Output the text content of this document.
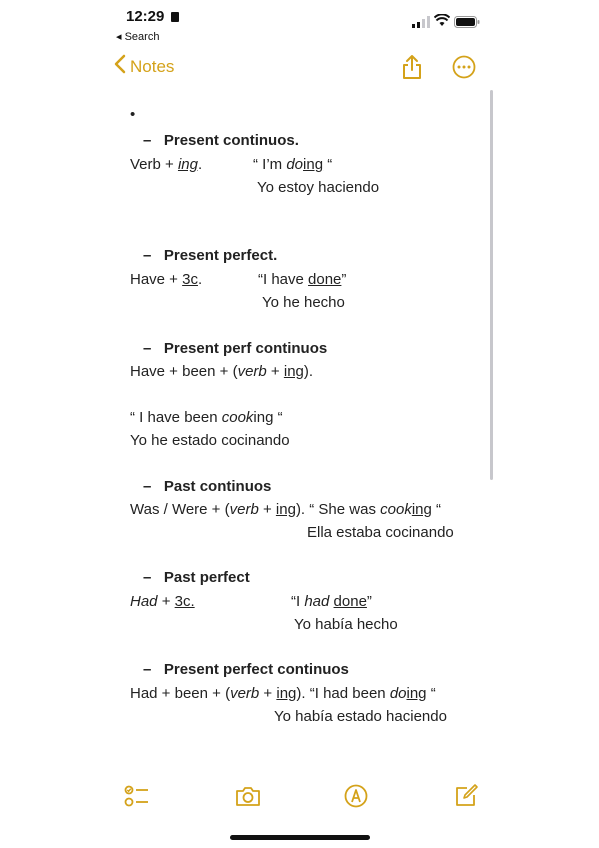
12:29
◂ Search
Notes
•
–   Present continuos.
Verb + ing.	“ I’m doing “
Yo estoy haciendo
–   Present perfect.
Have + 3c.	“I have done”
Yo he hecho
–   Present perf continuos
Have + been + (verb + ing).
“ I have been cooking “
Yo he estado cocinando
–   Past continuos
Was / Were + (verb + ing). “ She was cooking “
Ella estaba cocinando
–   Past perfect
Had + 3c.	“I had done”
Yo había hecho
–   Present perfect continuos
Had + been + (verb + ing). “I had been doing “
Yo había estado haciendo
